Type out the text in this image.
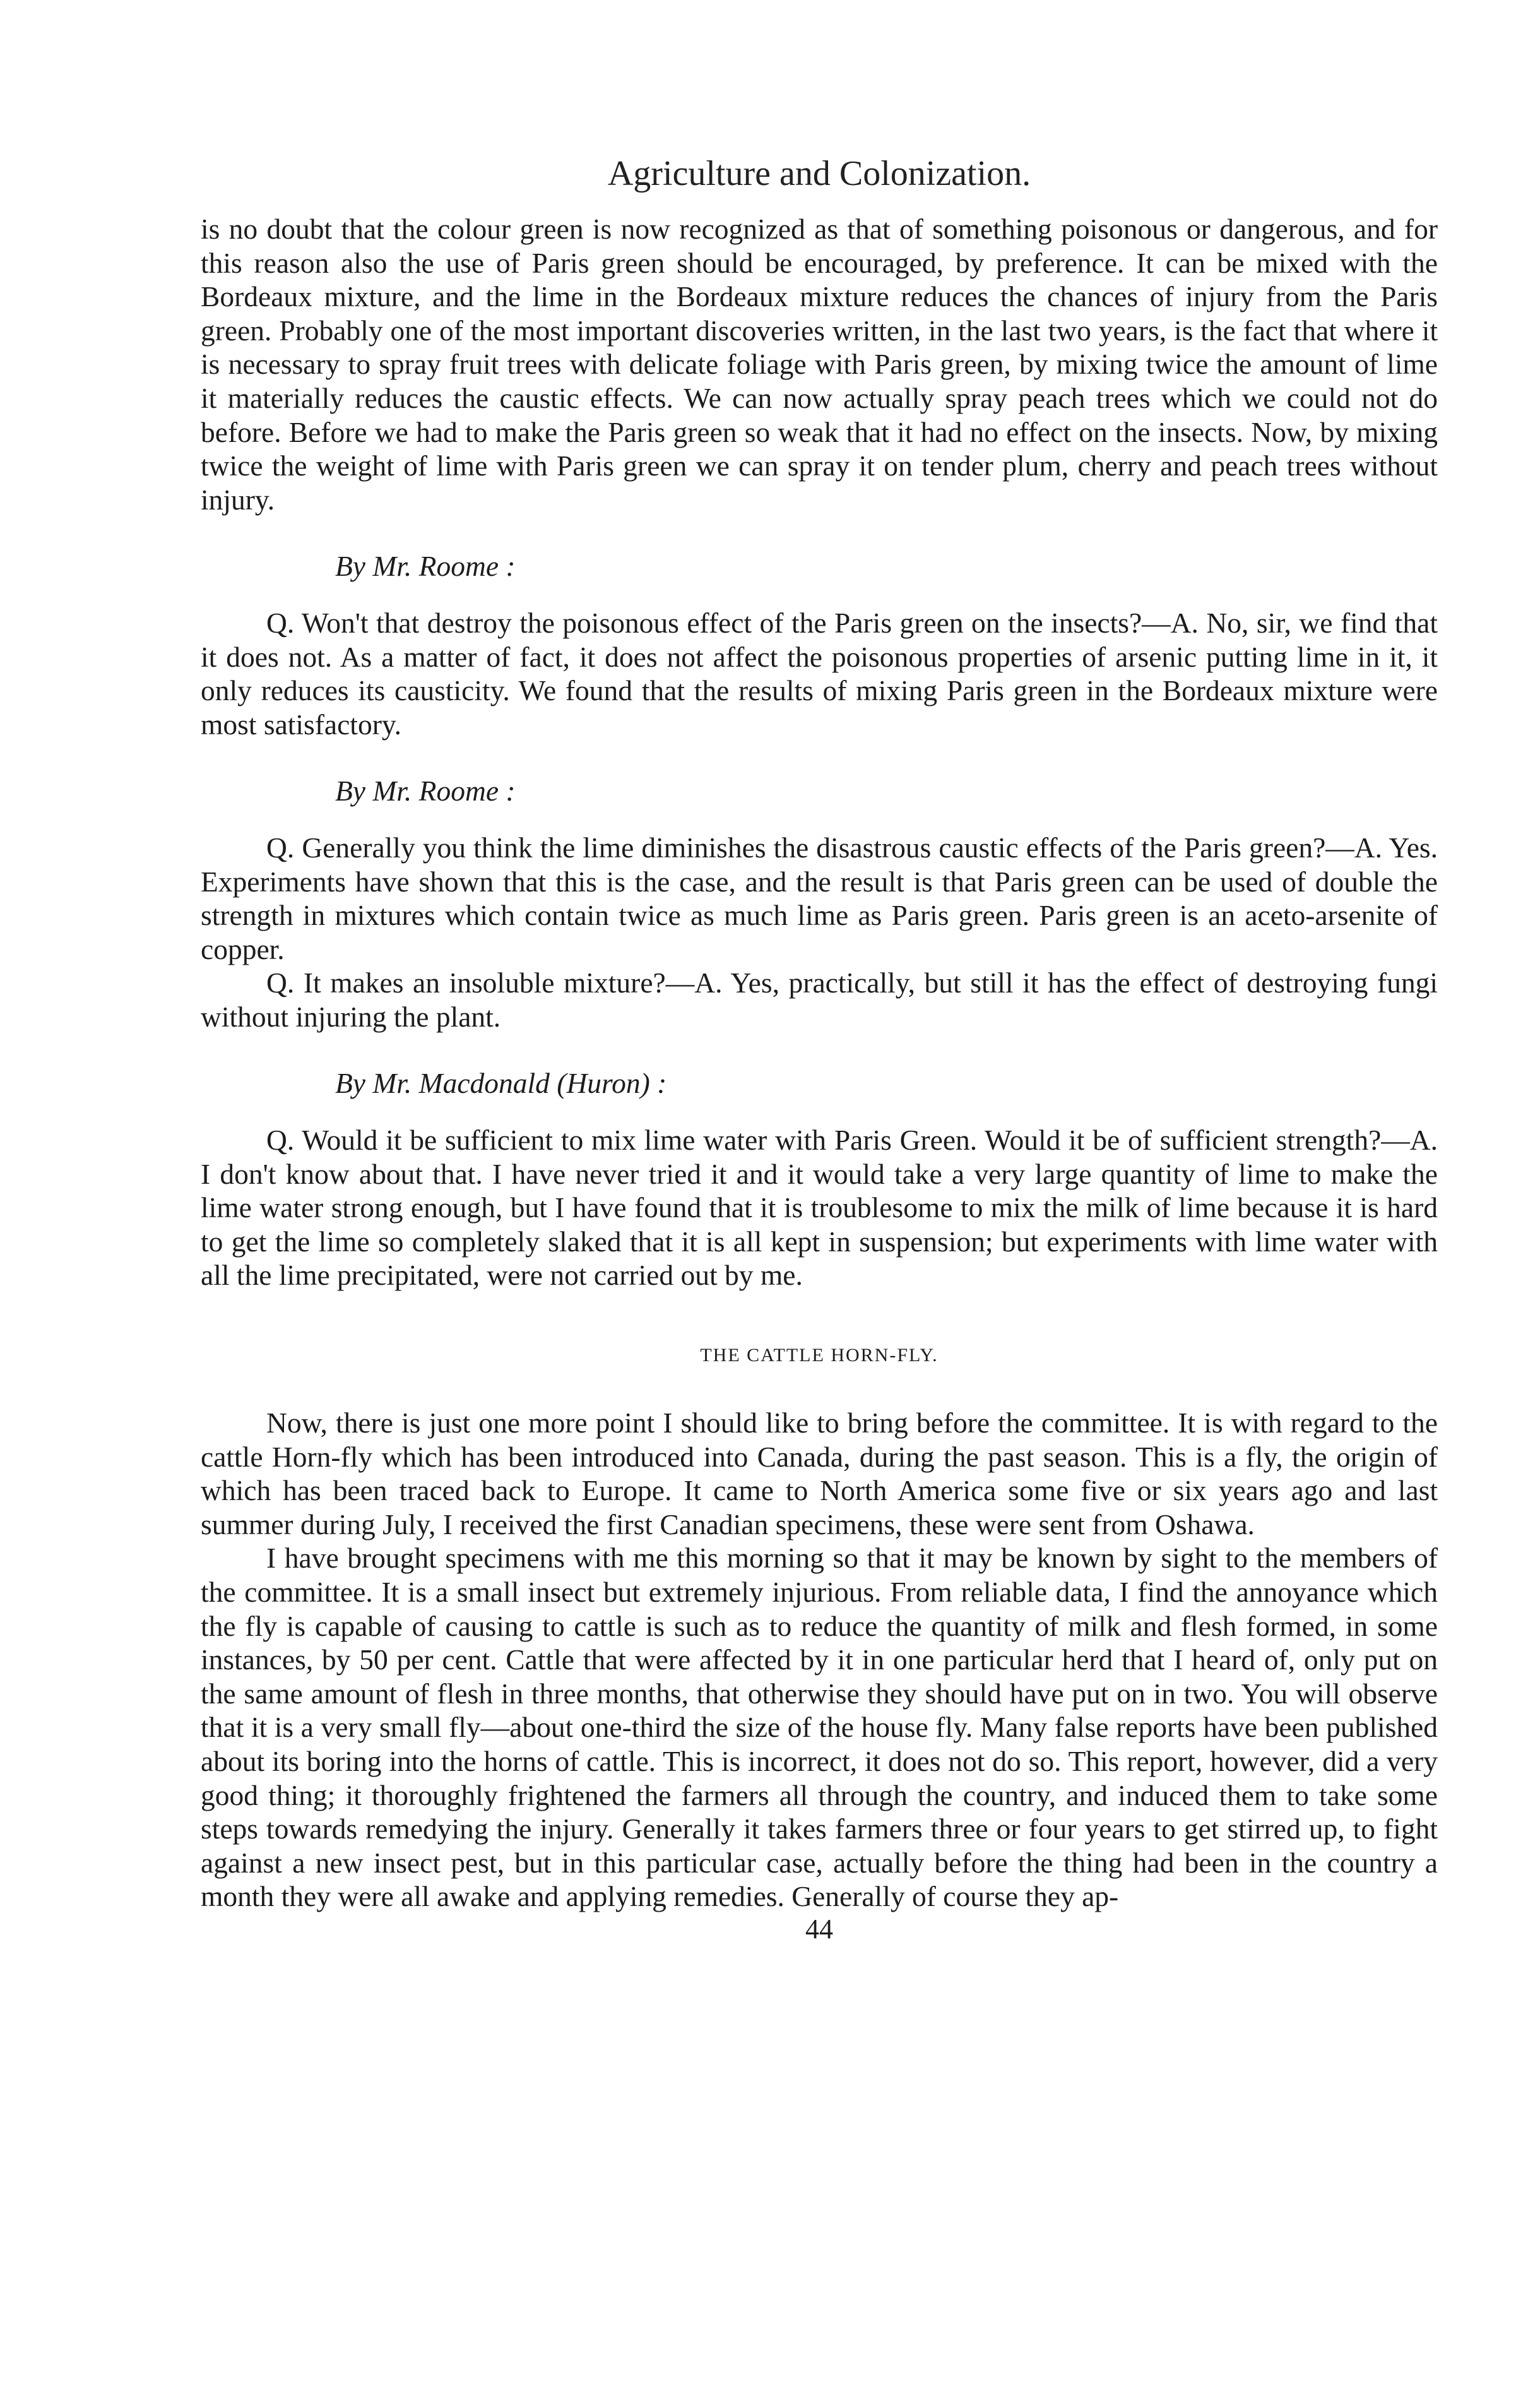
Agriculture and Colonization.

is no doubt that the colour green is now recognized as that of something poisonous or dangerous, and for this reason also the use of Paris green should be encouraged, by preference. It can be mixed with the Bordeaux mixture, and the lime in the Bordeaux mixture reduces the chances of injury from the Paris green. Probably one of the most important discoveries written, in the last two years, is the fact that where it is necessary to spray fruit trees with delicate foliage with Paris green, by mixing twice the amount of lime it materially reduces the caustic effects. We can now actually spray peach trees which we could not do before. Before we had to make the Paris green so weak that it had no effect on the insects. Now, by mixing twice the weight of lime with Paris green we can spray it on tender plum, cherry and peach trees without injury.

By Mr. Roome :

Q. Won't that destroy the poisonous effect of the Paris green on the insects?—A. No, sir, we find that it does not. As a matter of fact, it does not affect the poisonous properties of arsenic putting lime in it, it only reduces its causticity. We found that the results of mixing Paris green in the Bordeaux mixture were most satisfactory.

By Mr. Roome :

Q. Generally you think the lime diminishes the disastrous caustic effects of the Paris green?—A. Yes. Experiments have shown that this is the case, and the result is that Paris green can be used of double the strength in mixtures which contain twice as much lime as Paris green. Paris green is an aceto-arsenite of copper.

Q. It makes an insoluble mixture?—A. Yes, practically, but still it has the effect of destroying fungi without injuring the plant.

By Mr. Macdonald (Huron) :

Q. Would it be sufficient to mix lime water with Paris Green. Would it be of sufficient strength?—A. I don't know about that. I have never tried it and it would take a very large quantity of lime to make the lime water strong enough, but I have found that it is troublesome to mix the milk of lime because it is hard to get the lime so completely slaked that it is all kept in suspension; but experiments with lime water with all the lime precipitated, were not carried out by me.

THE CATTLE HORN-FLY.

Now, there is just one more point I should like to bring before the committee. It is with regard to the cattle Horn-fly which has been introduced into Canada, during the past season. This is a fly, the origin of which has been traced back to Europe. It came to North America some five or six years ago and last summer during July, I received the first Canadian specimens, these were sent from Oshawa.

I have brought specimens with me this morning so that it may be known by sight to the members of the committee. It is a small insect but extremely injurious. From reliable data, I find the annoyance which the fly is capable of causing to cattle is such as to reduce the quantity of milk and flesh formed, in some instances, by 50 per cent. Cattle that were affected by it in one particular herd that I heard of, only put on the same amount of flesh in three months, that otherwise they should have put on in two. You will observe that it is a very small fly—about one-third the size of the house fly. Many false reports have been published about its boring into the horns of cattle. This is incorrect, it does not do so. This report, however, did a very good thing; it thoroughly frightened the farmers all through the country, and induced them to take some steps towards remedying the injury. Generally it takes farmers three or four years to get stirred up, to fight against a new insect pest, but in this particular case, actually before the thing had been in the country a month they were all awake and applying remedies. Generally of course they ap-

44
